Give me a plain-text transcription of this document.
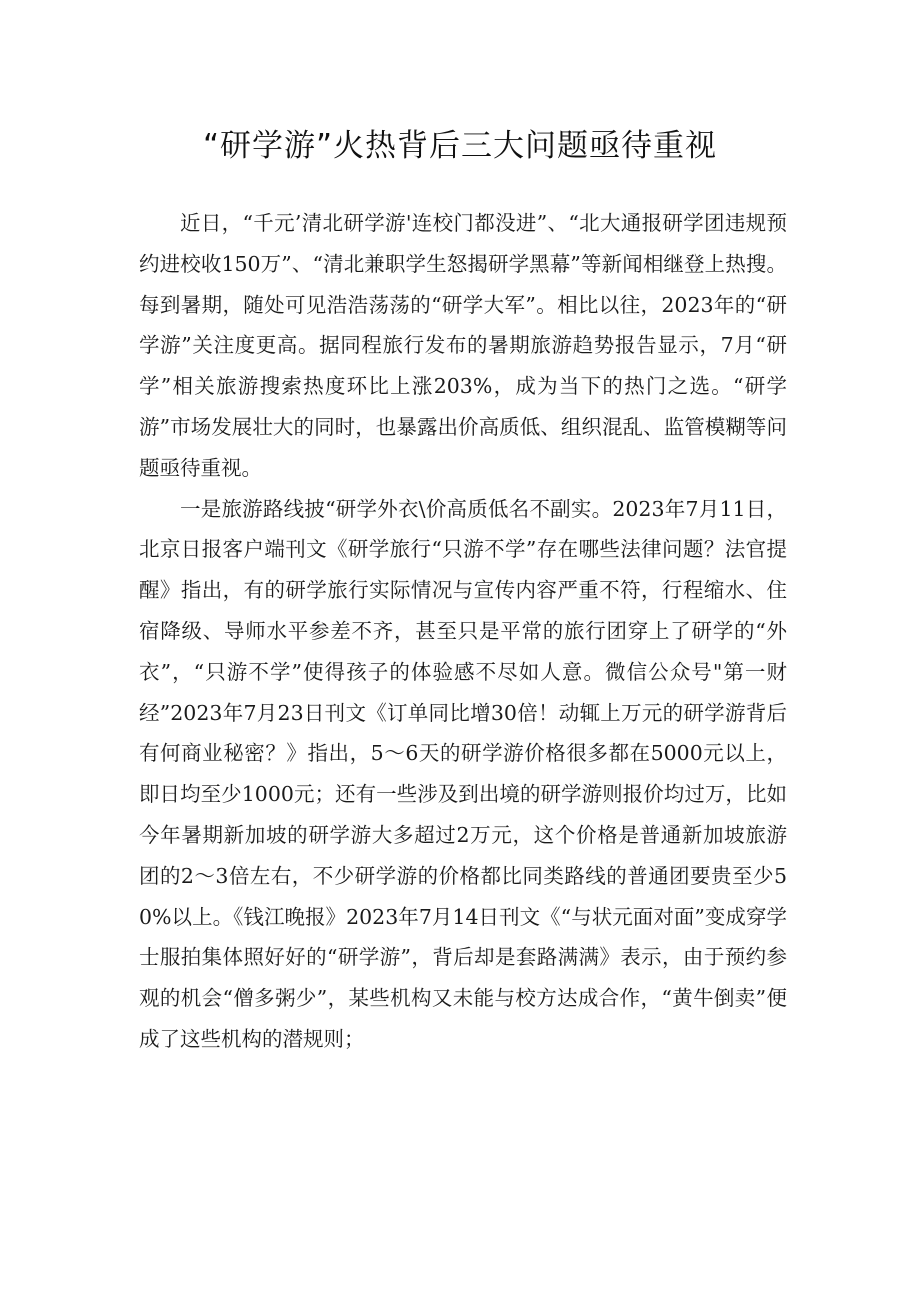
“研学游”火热背后三大问题亟待重视

近日，“千元’清北研学游'连校门都没进”、“北大通报研学团违规预约进校收150万”、“清北兼职学生怒揭研学黑幕”等新闻相继登上热搜。每到暑期，随处可见浩浩荡荡的“研学大军”。相比以往，2023年的“研学游”关注度更高。据同程旅行发布的暑期旅游趋势报告显示，7月“研学”相关旅游搜索热度环比上涨203%，成为当下的热门之选。“研学游”市场发展壮大的同时，也暴露出价高质低、组织混乱、监管模糊等问题亟待重视。

一是旅游路线披“研学外衣\价高质低名不副实。2023年7月11日，北京日报客户端刊文《研学旅行“只游不学”存在哪些法律问题？法官提醒》指出，有的研学旅行实际情况与宣传内容严重不符，行程缩水、住宿降级、导师水平参差不齐，甚至只是平常的旅行团穿上了研学的“外衣”，“只游不学”使得孩子的体验感不尽如人意。微信公众号"第一财经”2023年7月23日刊文《订单同比增30倍！动辄上万元的研学游背后有何商业秘密？》指出，5～6天的研学游价格很多都在5000元以上，即日均至少1000元；还有一些涉及到出境的研学游则报价均过万，比如今年暑期新加坡的研学游大多超过2万元，这个价格是普通新加坡旅游团的2～3倍左右，不少研学游的价格都比同类路线的普通团要贵至少50%以上。《钱江晚报》2023年7月14日刊文《“与状元面对面”变成穿学士服拍集体照好好的“研学游”，背后却是套路满满》表示，由于预约参观的机会“僧多粥少”，某些机构又未能与校方达成合作，“黄牛倒卖”便成了这些机构的潜规则；
